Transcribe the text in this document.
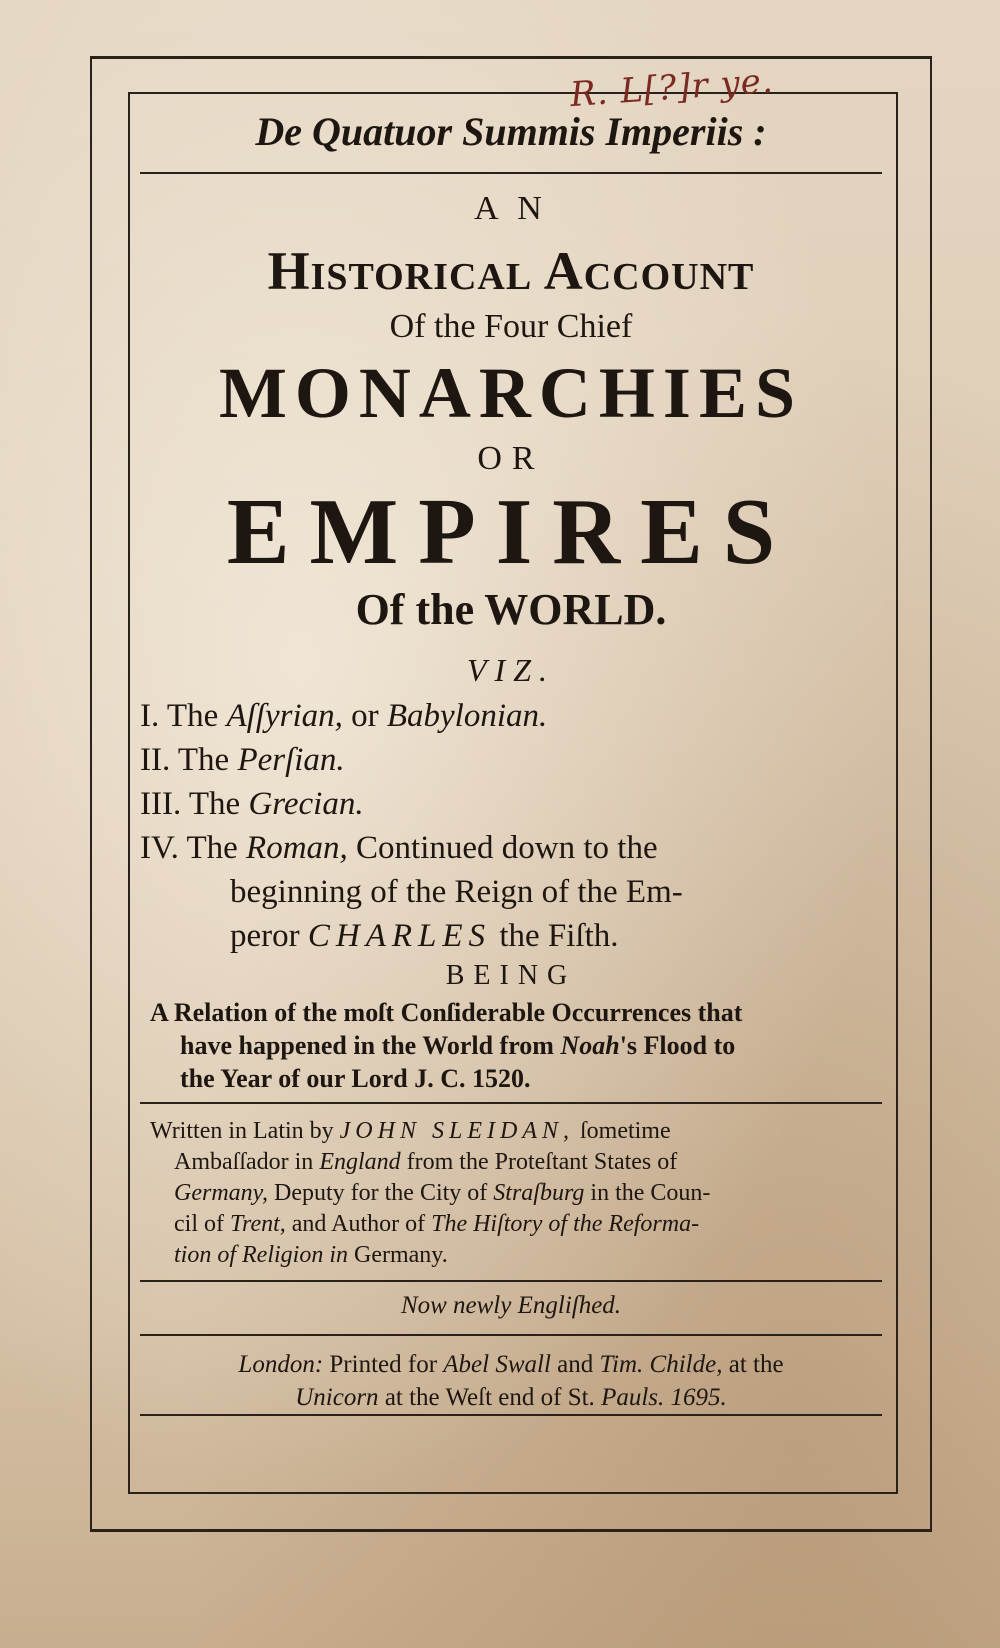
R. L[?]r ye.
De Quatuor Summis Imperiis :
A N
Historical Account
Of the Four Chief
MONARCHIES
OR
EMPIRES
Of the WORLD.
VIZ.
I. The Aſſyrian, or Babylonian.
II. The Perſian.
III. The Grecian.
IV. The Roman, Continued down to the
beginning of the Reign of the Em-
peror CHARLES the Fiſth.
BEING
A Relation of the moſt Conſiderable Occurrences that
have happened in the World from Noah's Flood to
the Year of our Lord J. C. 1520.
Written in Latin by JOHN SLEIDAN, ſometime
Ambaſſador in England from the Proteſtant States of
Germany, Deputy for the City of Straſburg in the Coun-
cil of Trent, and Author of The Hiſtory of the Reforma-
tion of Religion in Germany.
Now newly Engliſhed.
London: Printed for Abel Swall and Tim. Childe, at the
Unicorn at the Weſt end of St. Pauls. 1695.
